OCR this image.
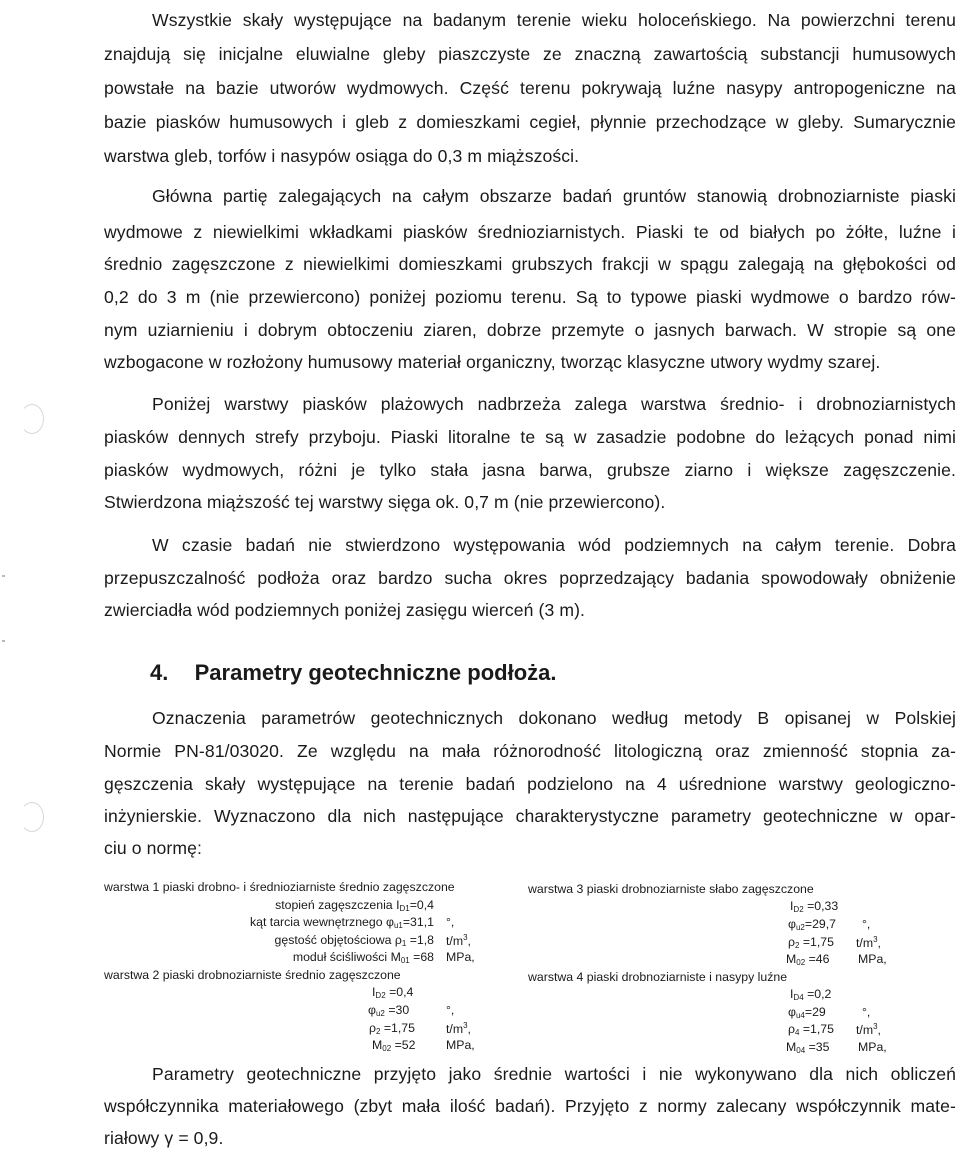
Wszystkie skały występujące na badanym terenie wieku holoceńskiego. Na powierzchni terenu
znajdują się inicjalne eluwialne gleby piaszczyste ze znaczną zawartością substancji humusowych
powstałe na bazie utworów wydmowych. Część terenu pokrywają luźne nasypy antropogeniczne na
bazie piasków humusowych i gleb z domieszkami cegieł, płynnie przechodzące w gleby. Sumarycznie
warstwa gleb, torfów i nasypów osiąga do 0,3 m miąższości.
Główna partię zalegających na całym obszarze badań gruntów stanowią drobnoziarniste piaski
wydmowe z niewielkimi wkładkami piasków średnioziarnistych. Piaski te od białych po żółte, luźne i
średnio zagęszczone z niewielkimi domieszkami grubszych frakcji w spągu zalegają na głębokości od
0,2 do 3 m (nie przewiercono) poniżej poziomu terenu. Są to typowe piaski wydmowe o bardzo rów-
nym uziarnieniu i dobrym obtoczeniu ziaren, dobrze przemyte o jasnych barwach. W stropie są one
wzbogacone w rozłożony humusowy materiał organiczny, tworząc klasyczne utwory wydmy szarej.
Poniżej warstwy piasków plażowych nadbrzeża zalega warstwa średnio- i drobnoziarnistych
piasków dennych strefy przyboju. Piaski litoralne te są w zasadzie podobne do leżących ponad nimi
piasków wydmowych, różni je tylko stała jasna barwa, grubsze ziarno i większe zagęszczenie.
Stwierdzona miąższość tej warstwy sięga ok. 0,7 m (nie przewiercono).
W czasie badań nie stwierdzono występowania wód podziemnych na całym terenie. Dobra
przepuszczalność podłoża oraz bardzo sucha okres poprzedzający badania spowodowały obniżenie
zwierciadła wód podziemnych poniżej zasięgu wierceń (3 m).
4. Parametry geotechniczne podłoża.
Oznaczenia parametrów geotechnicznych dokonano według metody B opisanej w Polskiej
Normie PN-81/03020. Ze względu na mała różnorodność litologiczną oraz zmienność stopnia za-
gęszczenia skały występujące na terenie badań podzielono na 4 uśrednione warstwy geologiczno-
inżynierskie. Wyznaczono dla nich następujące charakterystyczne parametry geotechniczne w opar-
ciu o normę:
warstwa 1 piaski drobno- i średnioziarniste średnio zagęszczone
stopień zagęszczenia $I_{D1}=0,4$
kąt tarcia wewnętrznego $\varphi_{u1}=31,1$ °,
gęstość objętościowa $\rho_1 =1,8$ $t/m^3$,
moduł ściśliwości $M_{01} =68$ MPa,
warstwa 2 piaski drobnoziarniste średnio zagęszczone
$I_{D2} =0,4$
$\varphi_{u2} =30$	°,
$\rho_2 =1,75$	$t/m^3$,
$M_{02} =52$ MPa,
warstwa 3 piaski drobnoziarniste słabo zagęszczone
$I_{D2} =0,33$
$\varphi_{u2}=29,7$ °,
$\rho_2 =1,75$ $t/m^3$,
$M_{02} =46$ MPa,
warstwa 4 piaski drobnoziarniste i nasypy luźne
$I_{D4} =0,2$
$\varphi_{u4}=29$	°,
$\rho_4 =1,75$ $t/m^3$,
$M_{04} =35$ MPa,
Parametry geotechniczne przyjęto jako średnie wartości i nie wykonywano dla nich obliczeń
współczynnika materiałowego (zbyt mała ilość badań). Przyjęto z normy zalecany współczynnik mate-
riałowy γ = 0,9.
